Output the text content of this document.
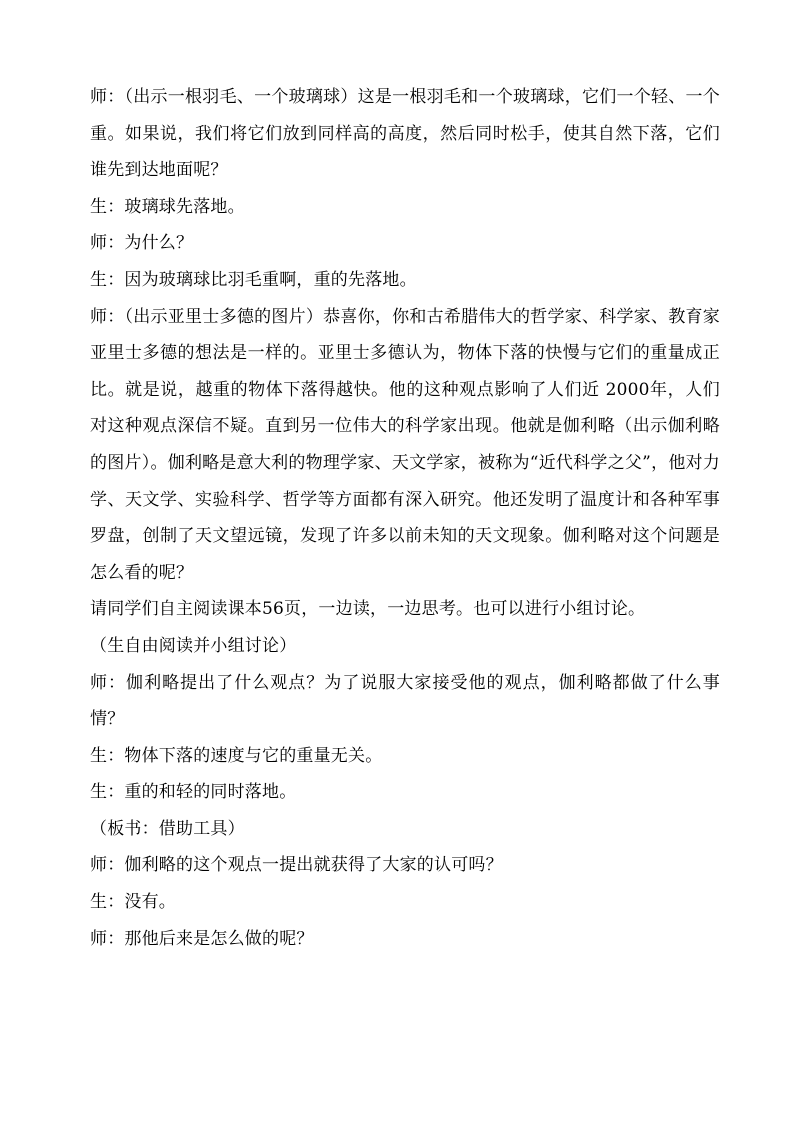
师：（出示一根羽毛、一个玻璃球）这是一根羽毛和一个玻璃球，它们一个轻、一个重。如果说，我们将它们放到同样高的高度，然后同时松手，使其自然下落，它们谁先到达地面呢？

生：玻璃球先落地。

师：为什么？

生：因为玻璃球比羽毛重啊，重的先落地。

师：（出示亚里士多德的图片）恭喜你，你和古希腊伟大的哲学家、科学家、教育家亚里士多德的想法是一样的。亚里士多德认为，物体下落的快慢与它们的重量成正比。就是说，越重的物体下落得越快。他的这种观点影响了人们近 2000年，人们对这种观点深信不疑。直到另一位伟大的科学家出现。他就是伽利略（出示伽利略的图片）。伽利略是意大利的物理学家、天文学家，被称为“近代科学之父”，他对力学、天文学、实验科学、哲学等方面都有深入研究。他还发明了温度计和各种军事罗盘，创制了天文望远镜，发现了许多以前未知的天文现象。伽利略对这个问题是怎么看的呢？

请同学们自主阅读课本56页，一边读，一边思考。也可以进行小组讨论。

（生自由阅读并小组讨论）

师：伽利略提出了什么观点？为了说服大家接受他的观点，伽利略都做了什么事情？

生：物体下落的速度与它的重量无关。

生：重的和轻的同时落地。

（板书：借助工具）

师：伽利略的这个观点一提出就获得了大家的认可吗？

生：没有。

师：那他后来是怎么做的呢？
